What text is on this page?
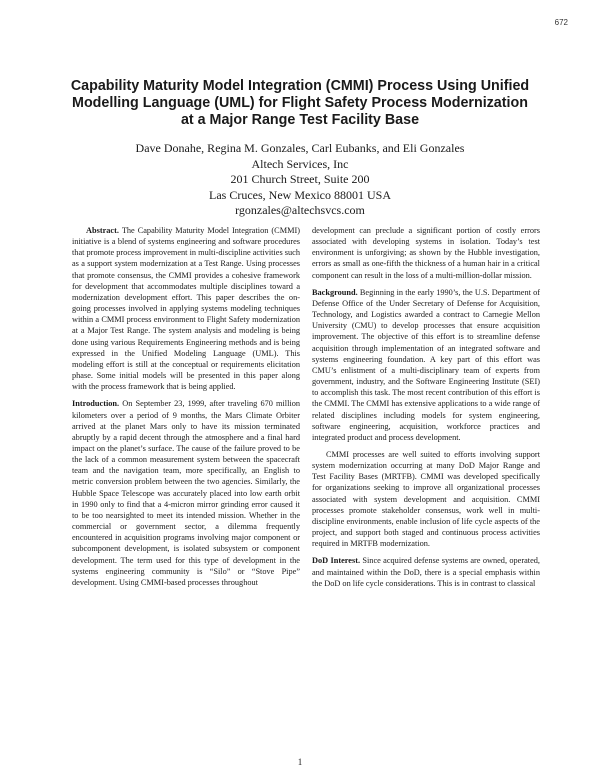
672
Capability Maturity Model Integration (CMMI) Process Using Unified Modelling Language (UML) for Flight Safety Process Modernization at a Major Range Test Facility Base
Dave Donahe, Regina M. Gonzales, Carl Eubanks, and Eli Gonzales
Altech Services, Inc
201 Church Street, Suite 200
Las Cruces, New Mexico 88001 USA
rgonzales@altechsvcs.com

Abstract. The Capability Maturity Model Integration (CMMI) initiative is a blend of systems engineering and software procedures that promote process improvement in multi-discipline activities such as a support system modernization at a Test Range. Using processes that promote consensus, the CMMI provides a cohesive framework for development that accommodates multiple disciplines toward a modernization development effort. This paper describes the on-going processes involved in applying systems modeling techniques within a CMMI process environment to Flight Safety modernization at a Major Test Range. The system analysis and modeling is being done using various Requirements Engineering methods and is being expressed in the Unified Modeling Language (UML). This modeling effort is still at the conceptual or requirements elicitation phase. Some initial models will be presented in this paper along with the process framework that is being applied.

Introduction. On September 23, 1999, after traveling 670 million kilometers over a period of 9 months, the Mars Climate Orbiter arrived at the planet Mars only to have its mission terminated abruptly by a rapid decent through the atmosphere and a final hard impact on the planet’s surface. The cause of the failure proved to be the lack of a common measurement system between the spacecraft team and the navigation team, more specifically, an English to metric conversion problem between the two agencies. Similarly, the Hubble Space Telescope was accurately placed into low earth orbit in 1990 only to find that a 4-micron mirror grinding error caused it to be too nearsighted to meet its intended mission. Whether in the commercial or government sector, a dilemma frequently encountered in acquisition programs involving major component or subcomponent development, is isolated subsystem or component development. The term used for this type of development in the systems engineering community is “Silo” or “Stove Pipe” development. Using CMMI-based processes throughout

development can preclude a significant portion of costly errors associated with developing systems in isolation. Today’s test environment is unforgiving; as shown by the Hubble investigation, errors as small as one-fifth the thickness of a human hair in a critical component can result in the loss of a multi-million-dollar mission.

Background. Beginning in the early 1990’s, the U.S. Department of Defense Office of the Under Secretary of Defense for Acquisition, Technology, and Logistics awarded a contract to Carnegie Mellon University (CMU) to develop processes that ensure acquisition improvement. The objective of this effort is to streamline defense acquisition through implementation of an integrated software and systems engineering foundation. A key part of this effort was CMU’s enlistment of a multi-disciplinary team of experts from government, industry, and the Software Engineering Institute (SEI) to accomplish this task. The most recent contribution of this effort is the CMMI. The CMMI has extensive applications to a wide range of related disciplines including models for system engineering, software engineering, acquisition, workforce practices and integrated product and process development.

CMMI processes are well suited to efforts involving support system modernization occurring at many DoD Major Range and Test Facility Bases (MRTFB). CMMI was developed specifically for organizations seeking to improve all organizational processes associated with system development and acquisition. CMMI processes promote stakeholder consensus, work well in multi-discipline environments, enable inclusion of life cycle aspects of the project, and support both staged and continuous process activities required in MRTFB modernization.

DoD Interest. Since acquired defense systems are owned, operated, and maintained within the DoD, there is a special emphasis within the DoD on life cycle considerations. This is in contrast to classical

1
